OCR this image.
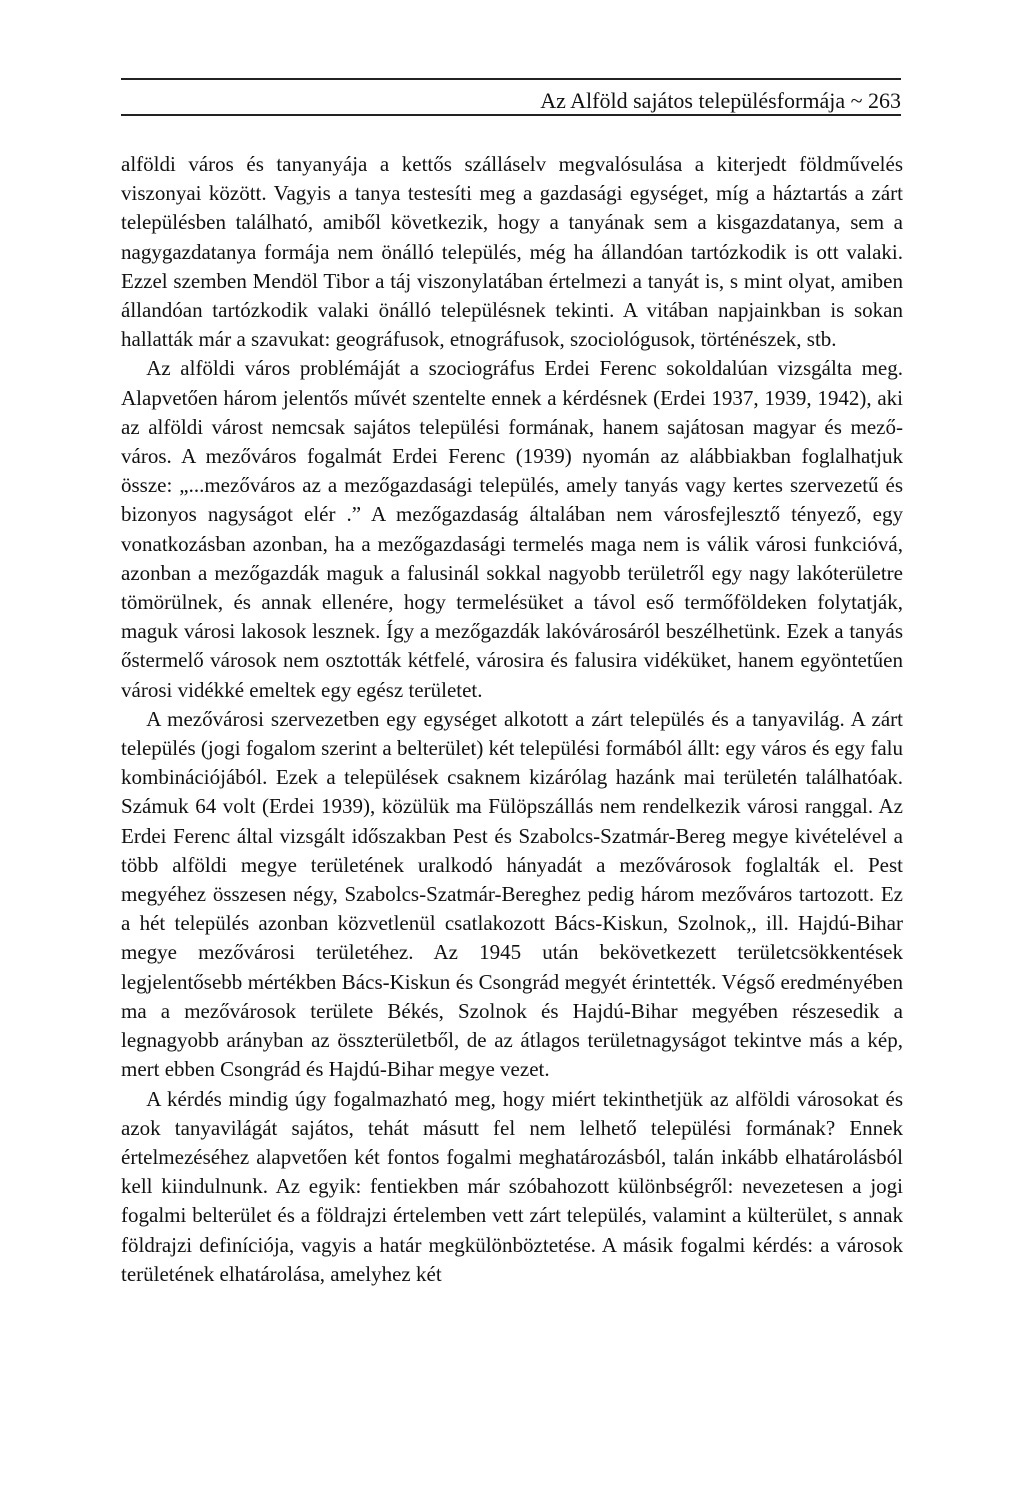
Az Alföld sajátos településformája ~ 263

alföldi város és tanyanyája a kettős szálláselv megvalósulása a kiterjedt földművelés viszonyai között. Vagyis a tanya testesíti meg a gazdasági egységet, míg a háztartás a zárt településben található, amiből következik, hogy a tanyának sem a kisgazdatanya, sem a nagygazdatanya formája nem önálló település, még ha állandóan tartózkodik is ott valaki. Ezzel szemben Mendöl Tibor a táj viszonylatában értelmezi a tanyát is, s mint olyat, amiben állandóan tartózkodik valaki önálló településnek tekinti. A vitában napjainkban is sokan hallatták már a szavukat: geográfusok, etnográfusok, szociológusok, történészek, stb.

Az alföldi város problémáját a szociográfus Erdei Ferenc sokoldalúan vizsgálta meg. Alapvetően három jelentős művét szentelte ennek a kérdésnek (Erdei 1937, 1939, 1942), aki az alföldi várost nemcsak sajátos települési formának, hanem sajátosan magyar és mező- város. A mezőváros fogalmát Erdei Ferenc (1939) nyomán az alábbiakban foglalhatjuk össze: „...mezőváros az a mezőgazdasági település, amely tanyás vagy kertes szervezetű és bizonyos nagyságot elér .” A mezőgazdaság általában nem városfejlesztő tényező, egy vonatkozásban azonban, ha a mezőgazdasági termelés maga nem is válik városi funkcióvá, azonban a mezőgazdák maguk a falusinál sokkal nagyobb területről egy nagy lakóterületre tömörülnek, és annak ellenére, hogy termelésüket a távol eső termőföldeken folytatják, maguk városi lakosok lesznek. Így a mezőgazdák lakóvárosáról beszélhetünk. Ezek a tanyás őstermelő városok nem osztották kétfelé, városira és falusira vidéküket, hanem egyöntetűen városi vidékké emeltek egy egész területet.

A mezővárosi szervezetben egy egységet alkotott a zárt település és a tanyavilág. A zárt település (jogi fogalom szerint a belterület) két települési formából állt: egy város és egy falu kombinációjából. Ezek a települések csaknem kizárólag hazánk mai területén találhatóak. Számuk 64 volt (Erdei 1939), közülük ma Fülöpszállás nem rendelkezik városi ranggal. Az Erdei Ferenc által vizsgált időszakban Pest és Szabolcs-Szatmár-Bereg megye kivételével a több alföldi megye területének uralkodó hányadát a mezővárosok foglalták el. Pest megyéhez összesen négy, Szabolcs-Szatmár-Bereghez pedig három mezőváros tartozott. Ez a hét település azonban közvetlenül csatlakozott Bács-Kiskun, Szolnok,, ill. Hajdú-Bihar megye mezővárosi területéhez. Az 1945 után bekövetkezett területcsökkentések legjelentősebb mértékben Bács-Kiskun és Csongrád megyét érintették. Végső eredményében ma a mezővárosok területe Békés, Szolnok és Hajdú-Bihar megyében részesedik a legnagyobb arányban az összterületből, de az átlagos területnagyságot tekintve más a kép, mert ebben Csongrád és Hajdú-Bihar megye vezet.

A kérdés mindig úgy fogalmazható meg, hogy miért tekinthetjük az alföldi városokat és azok tanyavilágát sajátos, tehát másutt fel nem lelhető települési formának? Ennek értelmezéséhez alapvetően két fontos fogalmi meghatározásból, talán inkább elhatárolásból kell kiindulnunk. Az egyik: fentiekben már szóbahozott különbségről: nevezetesen a jogi fogalmi belterület és a földrajzi értelemben vett zárt település, valamint a külterület, s annak földrajzi definíciója, vagyis a határ megkülönböztetése. A másik fogalmi kérdés: a városok területének elhatárolása, amelyhez két
